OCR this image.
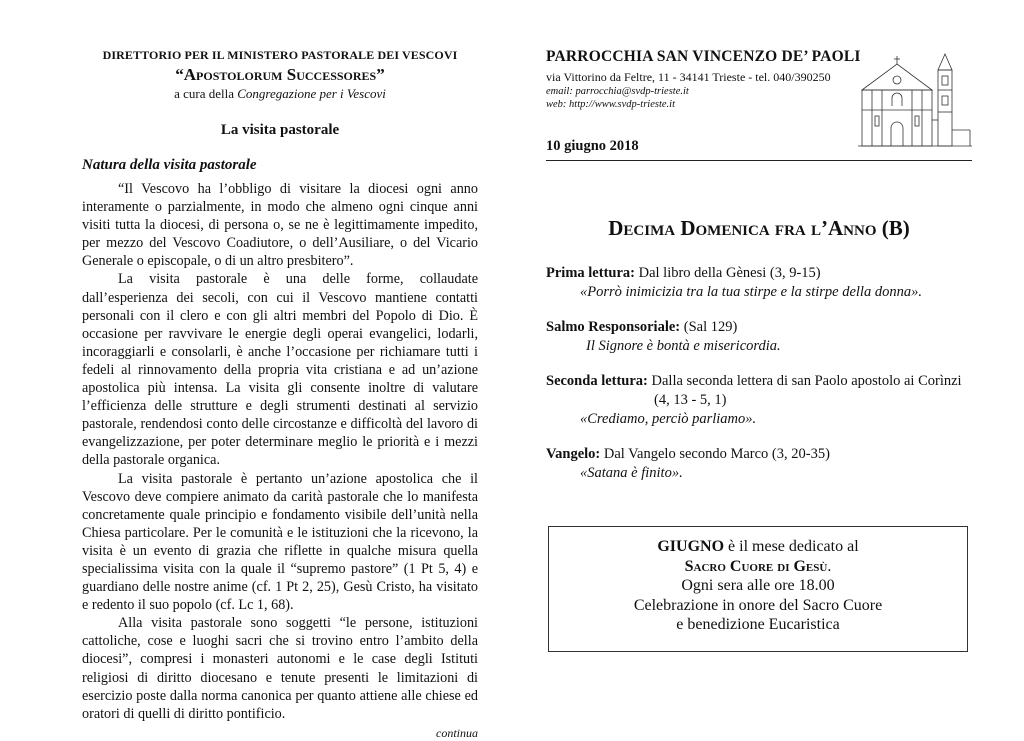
DIRETTORIO PER IL MINISTERO PASTORALE DEI VESCOVI
“Apostolorum Successores”
a cura della Congregazione per i Vescovi
La visita pastorale
Natura della visita pastorale

“Il Vescovo ha l’obbligo di visitare la diocesi ogni anno interamente o parzialmente, in modo che almeno ogni cinque anni visiti tutta la diocesi, di persona o, se ne è legittimamente impedito, per mezzo del Vescovo Coadiutore, o dell’Ausiliare, o del Vicario Generale o episcopale, o di un altro presbitero”.

La visita pastorale è una delle forme, collaudate dall’esperienza dei secoli, con cui il Vescovo mantiene contatti personali con il clero e con gli altri membri del Popolo di Dio. È occasione per ravvivare le energie degli operai evangelici, lodarli, incoraggiarli e consolarli, è anche l’occasione per richiamare tutti i fedeli al rinnovamento della propria vita cristiana e ad un’azione apostolica più intensa. La visita gli consente inoltre di valutare l’efficienza delle strutture e degli strumenti destinati al servizio pastorale, rendendosi conto delle circostanze e difficoltà del lavoro di evangelizzazione, per poter determinare meglio le priorità e i mezzi della pastorale organica.

La visita pastorale è pertanto un’azione apostolica che il Vescovo deve compiere animato da carità pastorale che lo manifesta concretamente quale principio e fondamento visibile dell’unità nella Chiesa particolare. Per le comunità e le istituzioni che la ricevono, la visita è un evento di grazia che riflette in qualche misura quella specialissima visita con la quale il “supremo pastore” (1 Pt 5, 4) e guardiano delle nostre anime (cf. 1 Pt 2, 25), Gesù Cristo, ha visitato e redento il suo popolo (cf. Lc 1, 68).

Alla visita pastorale sono soggetti “le persone, istituzioni cattoliche, cose e luoghi sacri che si trovino entro l’ambito della diocesi”, compresi i monasteri autonomi e le case degli Istituti religiosi di diritto diocesano e tenute presenti le limitazioni di esercizio poste dalla norma canonica per quanto attiene alle chiese ed oratori di quelli di diritto pontificio.

continua
PARROCCHIA SAN VINCENZO DE’ PAOLI
via Vittorino da Feltre, 11 - 34141 Trieste - tel. 040/390250
email: parrocchia@svdp-trieste.it
web: http://www.svdp-trieste.it
10 giugno 2018
Decima Domenica fra l’Anno (B)
Prima lettura: Dal libro della Gènesi (3, 9-15)
«Porrò inimicizia tra la tua stirpe e la stirpe della donna».
Salmo Responsoriale: (Sal 129)
Il Signore è bontà e misericordia.
Seconda lettura: Dalla seconda lettera di san Paolo apostolo ai Corìnzi
(4, 13 - 5, 1)
«Crediamo, perciò parliamo».
Vangelo: Dal Vangelo secondo Marco (3, 20-35)
«Satana è finito».
GIUGNO è il mese dedicato al
Sacro Cuore di Gesù.
Ogni sera alle ore 18.00
Celebrazione in onore del Sacro Cuore
e benedizione Eucaristica
